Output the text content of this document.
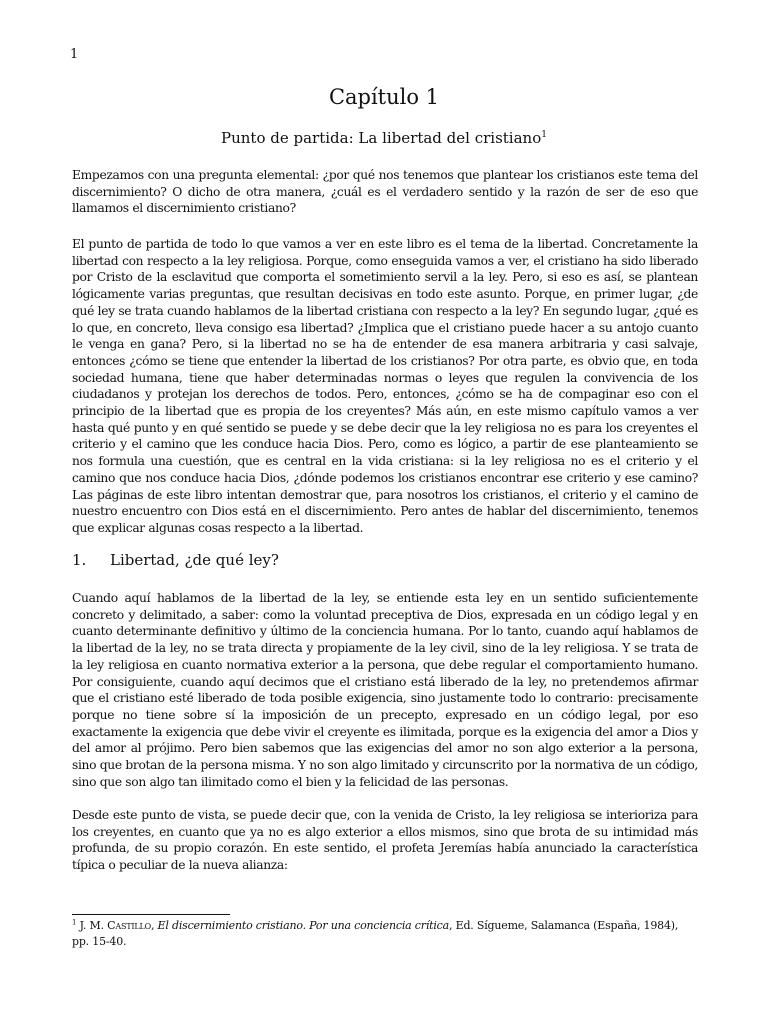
1
Capítulo 1
Punto de partida: La libertad del cristiano$^1$

Empezamos con una pregunta elemental: ¿por qué nos tenemos que plantear los cristianos este tema del discernimiento? O dicho de otra manera, ¿cuál es el verdadero sentido y la razón de ser de eso que llamamos el discernimiento cristiano?

El punto de partida de todo lo que vamos a ver en este libro es el tema de la libertad. Concretamente la libertad con respecto a la ley religiosa. Porque, como enseguida vamos a ver, el cristiano ha sido liberado por Cristo de la esclavitud que comporta el sometimiento servil a la ley. Pero, si eso es así, se plantean lógicamente varias preguntas, que resultan decisivas en todo este asunto. Porque, en primer lugar, ¿de qué ley se trata cuando hablamos de la libertad cristiana con respecto a la ley? En segundo lugar, ¿qué es lo que, en concreto, lleva consigo esa libertad? ¿Implica que el cristiano puede hacer a su antojo cuanto le venga en gana? Pero, si la libertad no se ha de entender de esa manera arbitraria y casi salvaje, entonces ¿cómo se tiene que entender la libertad de los cristianos? Por otra parte, es obvio que, en toda sociedad humana, tiene que haber determinadas normas o leyes que regulen la convivencia de los ciudadanos y protejan los derechos de todos. Pero, entonces, ¿cómo se ha de compaginar eso con el principio de la libertad que es propia de los creyentes? Más aún, en este mismo capítulo vamos a ver hasta qué punto y en qué sentido se puede y se debe decir que la ley religiosa no es para los creyentes el criterio y el camino que les conduce hacia Dios. Pero, como es lógico, a partir de ese planteamiento se nos formula una cuestión, que es central en la vida cristiana: si la ley religiosa no es el criterio y el camino que nos conduce hacia Dios, ¿dónde podemos los cristianos encontrar ese criterio y ese camino? Las páginas de este libro intentan demostrar que, para nosotros los cristianos, el criterio y el camino de nuestro encuentro con Dios está en el discernimiento. Pero antes de hablar del discernimiento, tenemos que explicar algunas cosas respecto a la libertad.

1. Libertad, ¿de qué ley?

Cuando aquí hablamos de la libertad de la ley, se entiende esta ley en un sentido suficientemente concreto y delimitado, a saber: como la voluntad preceptiva de Dios, expresada en un código legal y en cuanto determinante definitivo y último de la conciencia humana. Por lo tanto, cuando aquí hablamos de la libertad de la ley, no se trata directa y propiamente de la ley civil, sino de la ley religiosa. Y se trata de la ley religiosa en cuanto normativa exterior a la persona, que debe regular el comportamiento humano. Por consiguiente, cuando aquí decimos que el cristiano está liberado de la ley, no pretendemos afirmar que el cristiano esté liberado de toda posible exigencia, sino justamente todo lo contrario: precisamente porque no tiene sobre sí la imposición de un precepto, expresado en un código legal, por eso exactamente la exigencia que debe vivir el creyente es ilimitada, porque es la exigencia del amor a Dios y del amor al prójimo. Pero bien sabemos que las exigencias del amor no son algo exterior a la persona, sino que brotan de la persona misma. Y no son algo limitado y circunscrito por la normativa de un código, sino que son algo tan ilimitado como el bien y la felicidad de las personas.

Desde este punto de vista, se puede decir que, con la venida de Cristo, la ley religiosa se interioriza para los creyentes, en cuanto que ya no es algo exterior a ellos mismos, sino que brota de su intimidad más profunda, de su propio corazón. En este sentido, el profeta Jeremías había anunciado la característica típica o peculiar de la nueva alianza:

$^1$ J. M. Castillo, El discernimiento cristiano. Por una conciencia crítica, Ed. Sígueme, Salamanca (España, 1984), pp. 15-40.
